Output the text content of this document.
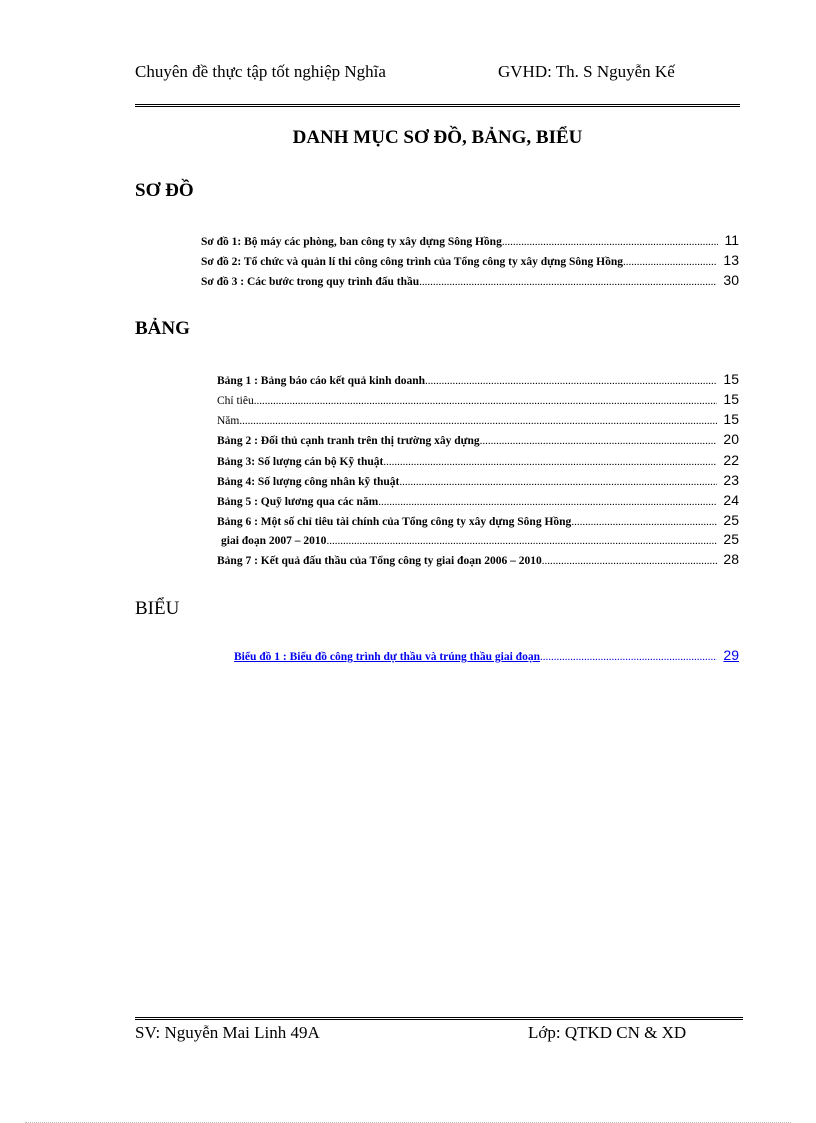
Chuyên đề thực tập tốt nghiệp Nghĩa	GVHD: Th. S Nguyễn Kế
DANH MỤC SƠ ĐỒ, BẢNG, BIỂU
SƠ ĐỒ
Sơ đồ 1: Bộ máy các phòng, ban công ty xây dựng Sông Hồng .....	11
Sơ đồ 2: Tổ chức và quản lí thi công công trình của Tổng công ty xây dựng Sông Hồng .....	13
Sơ đồ 3 : Các bước trong quy trình đấu thầu .....	30
BẢNG
Bảng 1 : Bảng báo cáo kết quả kinh doanh .....	15
Chỉ tiêu .....	15
Năm .....	15
Bảng 2 : Đối thủ cạnh tranh trên thị trường xây dựng .....	20
Bảng 3: Số lượng cán bộ Kỹ thuật .....	22
Bảng 4: Số lượng công nhân kỹ thuật .....	23
Bảng 5 : Quỹ lương qua các năm .....	24
Bảng 6 : Một số chỉ tiêu tài chính của Tổng công ty xây dựng Sông Hồng .....	25
giai đoạn 2007 – 2010 .....	25
Bảng 7 : Kết quả đấu thầu của Tổng công ty giai đoạn 2006 – 2010 .....	28
BIỂU
Biểu đồ 1 : Biểu đồ công trình dự thầu và trúng thầu giai đoạn .....	29
SV: Nguyễn Mai Linh 49A	Lớp: QTKD CN & XD
